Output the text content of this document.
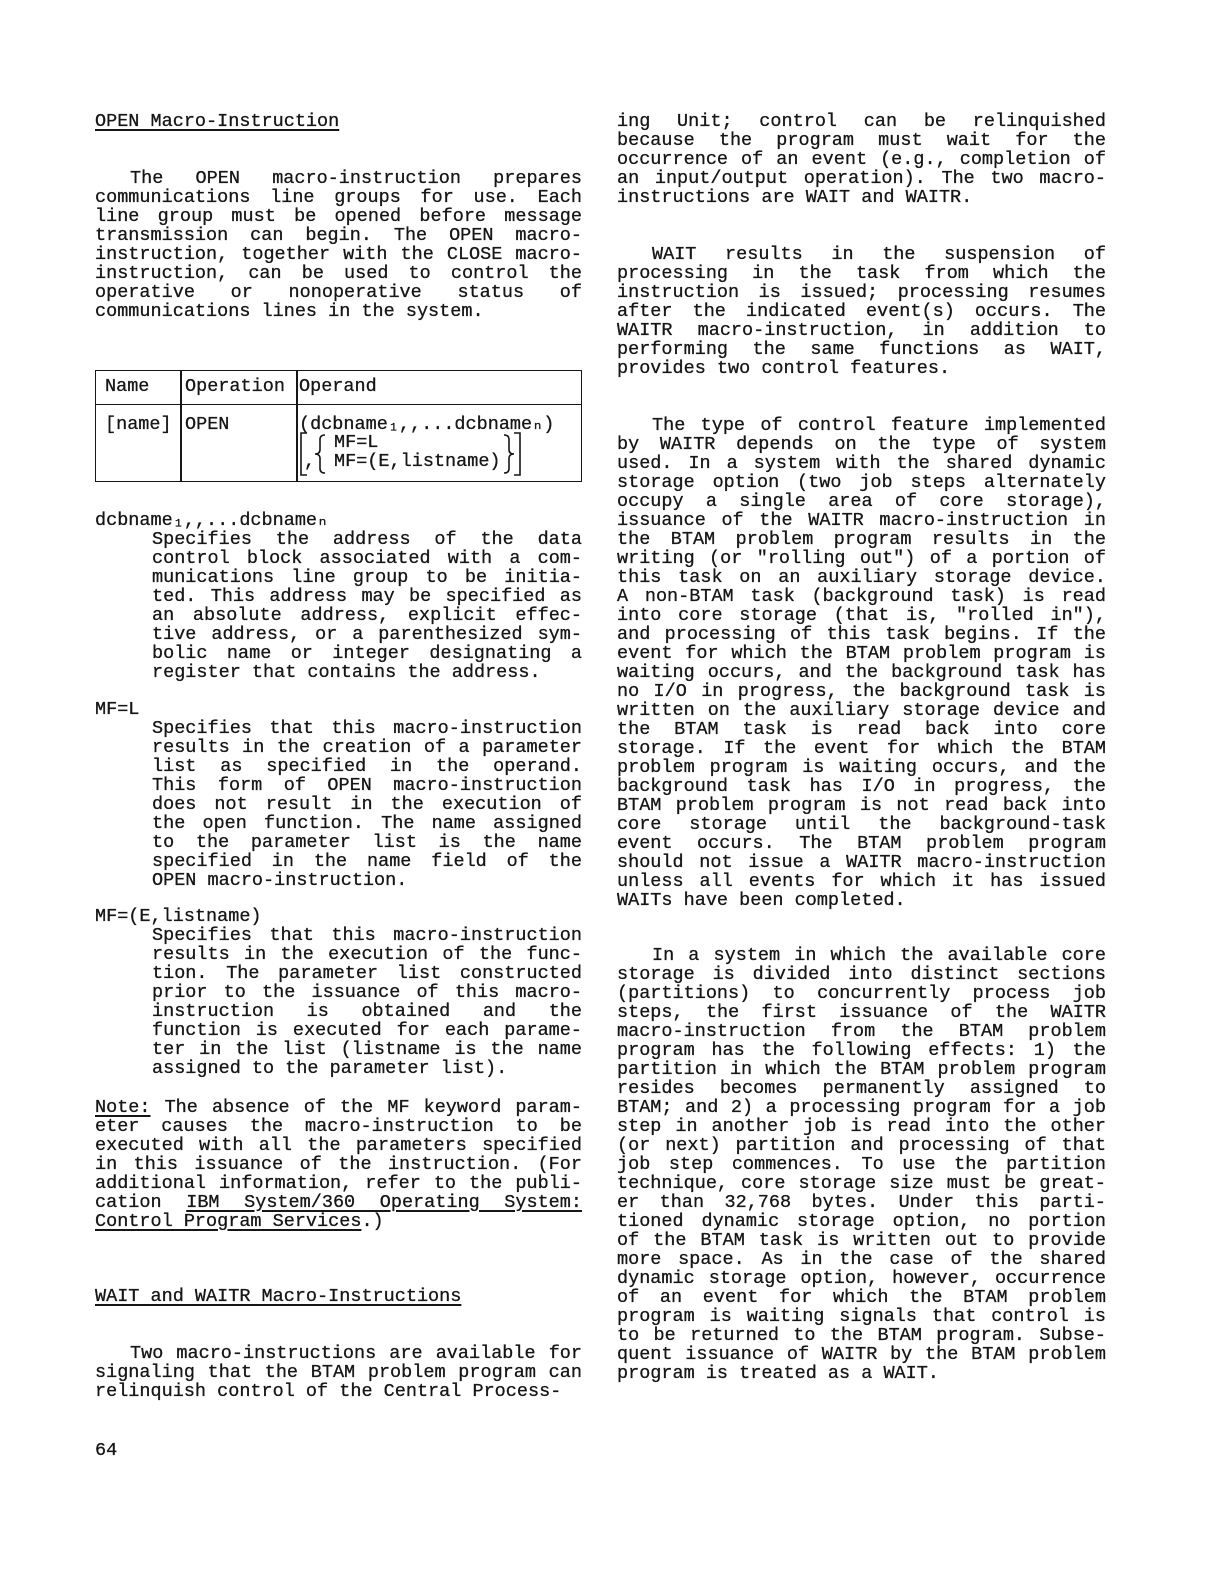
OPEN Macro-Instruction
The OPEN macro-instruction prepares
communications line groups for use. Each
line group must be opened before message
transmission can begin. The OPEN macro-
instruction, together with the CLOSE macro-
instruction, can be used to control the
operative or nonoperative status of
communications lines in the system.
Name Operation Operand
[name] OPEN	(dcbname₁,,...dcbnameₙ)
,
MF=L
MF=(E,listname)
dcbname₁,,...dcbnameₙ
Specifies the address of the data
control block associated with a com-
munications line group to be initia-
ted. This address may be specified as
an absolute address, explicit effec-
tive address, or a parenthesized sym-
bolic name or integer designating a
register that contains the address.
MF=L
Specifies that this macro-instruction
results in the creation of a parameter
list as specified in the operand.
This form of OPEN macro-instruction
does not result in the execution of
the open function. The name assigned
to the parameter list is the name
specified in the name field of the
OPEN macro-instruction.
MF=(E,listname)
Specifies that this macro-instruction
results in the execution of the func-
tion. The parameter list constructed
prior to the issuance of this macro-
instruction is obtained and the
function is executed for each parame-
ter in the list (listname is the name
assigned to the parameter list).
Note: The absence of the MF keyword param-
eter causes the macro-instruction to be
executed with all the parameters specified
in this issuance of the instruction. (For
additional information, refer to the publi-
cation IBM System/360 Operating System:
Control Program Services.)
WAIT and WAITR Macro-Instructions
Two macro-instructions are available for
signaling that the BTAM problem program can
relinquish control of the Central Process-
64
ing Unit; control can be relinquished
because the program must wait for the
occurrence of an event (e.g., completion of
an input/output operation). The two macro-
instructions are WAIT and WAITR.
WAIT results in the suspension of
processing in the task from which the
instruction is issued; processing resumes
after the indicated event(s) occurs. The
WAITR macro-instruction, in addition to
performing the same functions as WAIT,
provides two control features.
The type of control feature implemented
by WAITR depends on the type of system
used. In a system with the shared dynamic
storage option (two job steps alternately
occupy a single area of core storage),
issuance of the WAITR macro-instruction in
the BTAM problem program results in the
writing (or "rolling out") of a portion of
this task on an auxiliary storage device.
A non-BTAM task (background task) is read
into core storage (that is, "rolled in"),
and processing of this task begins. If the
event for which the BTAM problem program is
waiting occurs, and the background task has
no I/O in progress, the background task is
written on the auxiliary storage device and
the BTAM task is read back into core
storage. If the event for which the BTAM
problem program is waiting occurs, and the
background task has I/O in progress, the
BTAM problem program is not read back into
core storage until the background-task
event occurs. The BTAM problem program
should not issue a WAITR macro-instruction
unless all events for which it has issued
WAITs have been completed.
In a system in which the available core
storage is divided into distinct sections
(partitions) to concurrently process job
steps, the first issuance of the WAITR
macro-instruction from the BTAM problem
program has the following effects: 1) the
partition in which the BTAM problem program
resides becomes permanently assigned to
BTAM; and 2) a processing program for a job
step in another job is read into the other
(or next) partition and processing of that
job step commences. To use the partition
technique, core storage size must be great-
er than 32,768 bytes. Under this parti-
tioned dynamic storage option, no portion
of the BTAM task is written out to provide
more space. As in the case of the shared
dynamic storage option, however, occurrence
of an event for which the BTAM problem
program is waiting signals that control is
to be returned to the BTAM program. Subse-
quent issuance of WAITR by the BTAM problem
program is treated as a WAIT.
